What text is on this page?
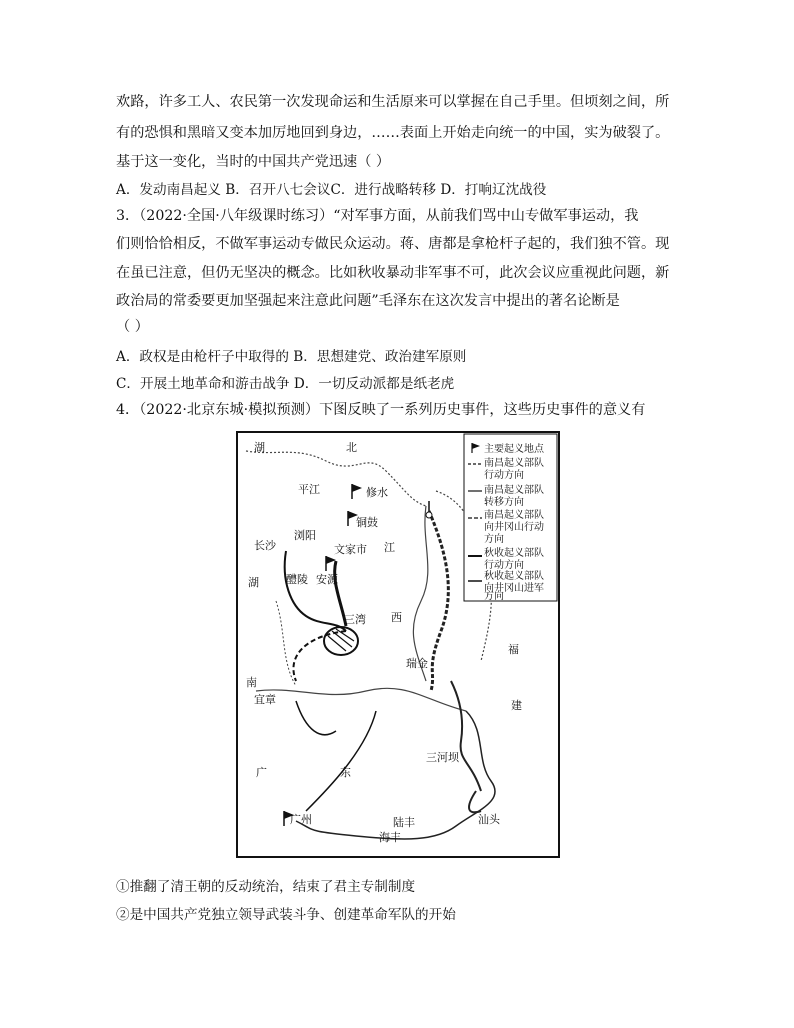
欢路，许多工人、农民第一次发现命运和生活原来可以掌握在自己手里。但顷刻之间，所
有的恐惧和黑暗又变本加厉地回到身边，……表面上开始走向统一的中国，实为破裂了。
基于这一变化，当时的中国共产党迅速（ ）
A．发动南昌起义 B．召开八七会议C．进行战略转移 D．打响辽沈战役
3．（2022·全国·八年级课时练习）“对军事方面，从前我们骂中山专做军事运动，我
们则恰恰相反，不做军事运动专做民众运动。蒋、唐都是拿枪杆子起的，我们独不管。现
在虽已注意，但仍无坚决的概念。比如秋收暴动非军事不可，此次会议应重视此问题，新
政治局的常委要更加坚强起来注意此问题”毛泽东在这次发言中提出的著名论断是
（ ）
A．政权是由枪杆子中取得的 B．思想建党、政治建军原则
C．开展土地革命和游击战争 D．一切反动派都是纸老虎
4．（2022·北京东城·模拟预测）下图反映了一系列历史事件，这些历史事件的意义有
湖	北
湖
南
江
西
福
建
广	东
平江	修水
铜鼓
浏阳
文家市
长沙
醴陵 安源
三湾
瑞金
宜章
三河坝
广州	汕头
陆丰
海丰
主要起义地点
南昌起义部队
行动方向
南昌起义部队
转移方向
南昌起义部队
向井冈山行动
方向
秋收起义部队
行动方向
秋收起义部队
向井冈山进军
方向
①推翻了清王朝的反动统治，结束了君主专制制度
②是中国共产党独立领导武装斗争、创建革命军队的开始
